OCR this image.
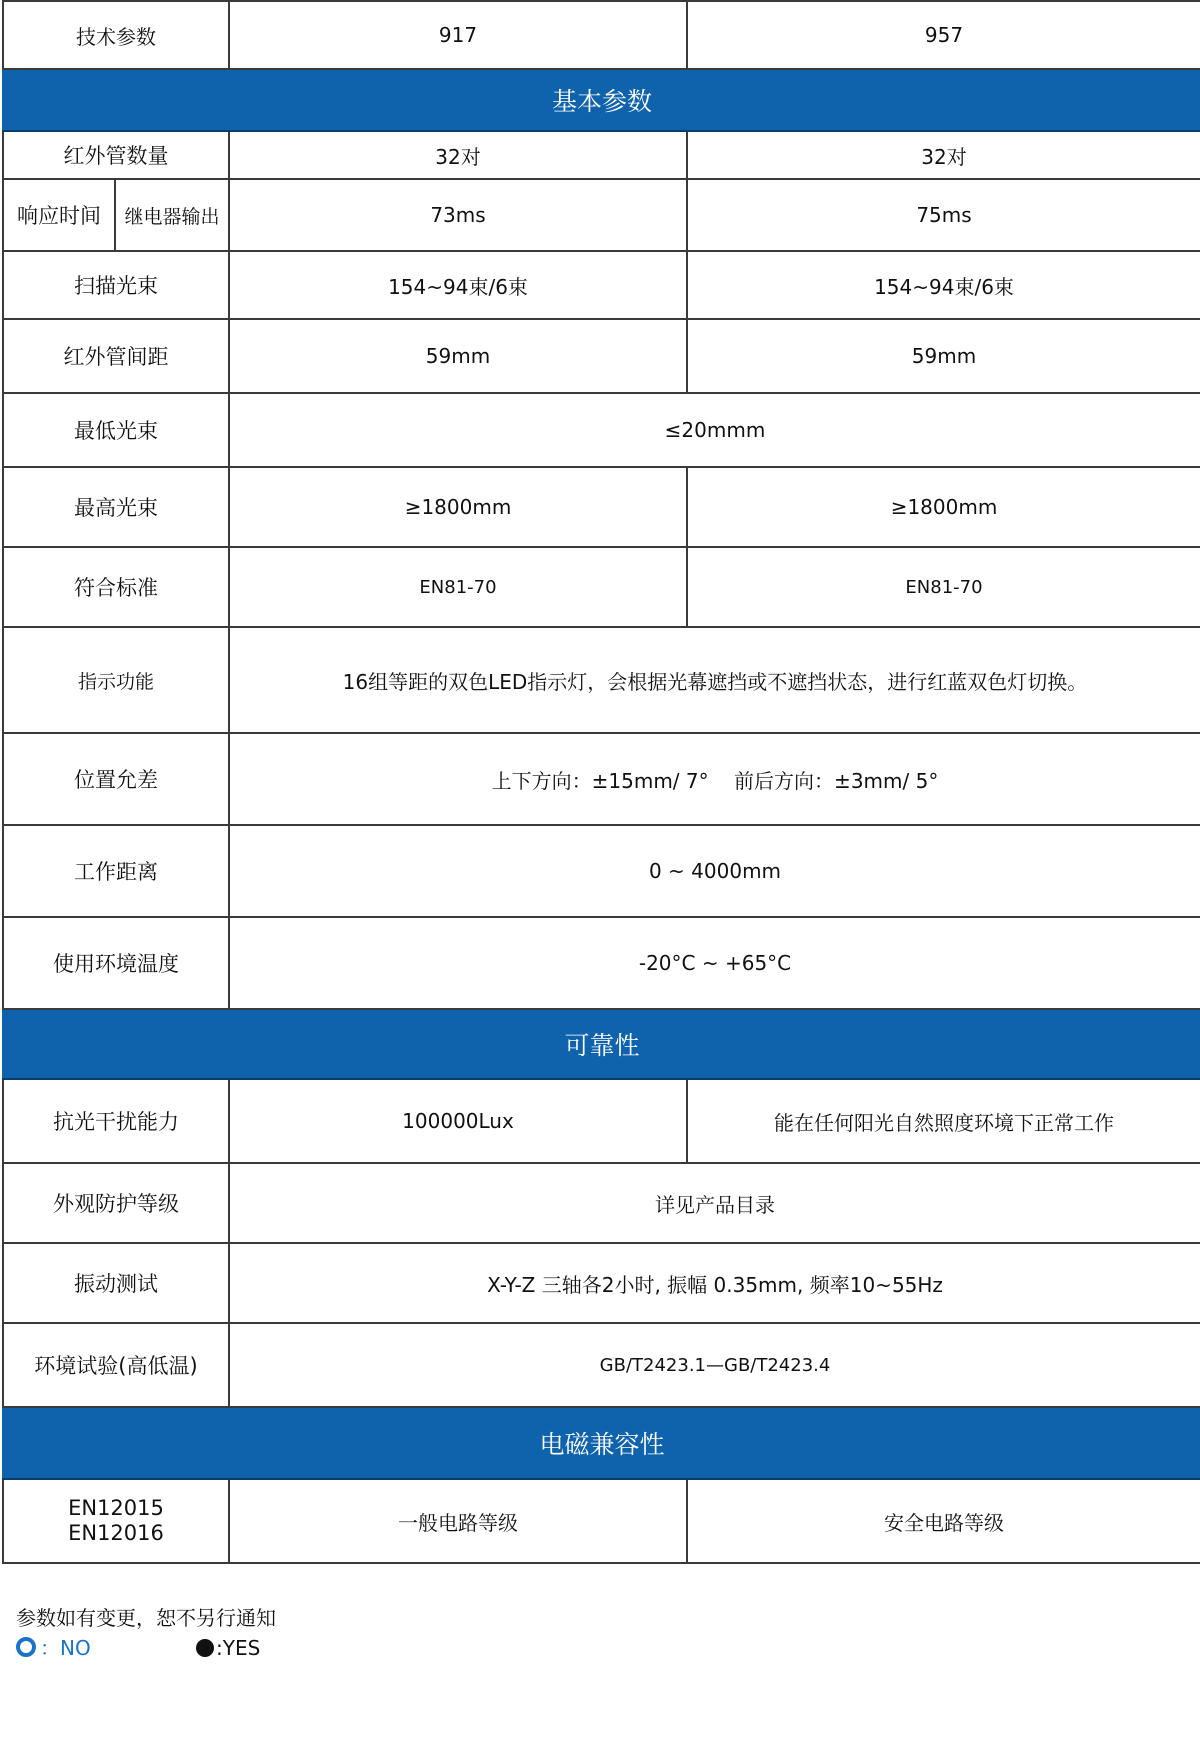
技术参数		917	957
基本参数			
红外管数量		32对	32对
响应时间	继电器输出	73ms	75ms
扫描光束		154~94束/6束	154~94束/6束
红外管间距		59mm	59mm
最低光束		≤20mmm	
最高光束		≥1800mm	≥1800mm
符合标准		EN81-70	EN81-70
指示功能		16组等距的双色LED指示灯，会根据光幕遮挡或不遮挡状态，进行红蓝双色灯切换。	
位置允差		上下方向：±15mm/ 7°    前后方向：±3mm/ 5°	
工作距离		0 ~ 4000mm	
使用环境温度		-20°C ~ +65°C	
可靠性			
抗光干扰能力		100000Lux	能在任何阳光自然照度环境下正常工作
外观防护等级		详见产品目录	
振动测试		X-Y-Z 三轴各2小时, 振幅 0.35mm, 频率10~55Hz	
环境试验(高低温)		GB/T2423.1—GB/T2423.4	
电磁兼容性			

EN12015
EN12016		一般电路等级	安全电路等级

参数如有变更，恕不另行通知

：NO	:YES
